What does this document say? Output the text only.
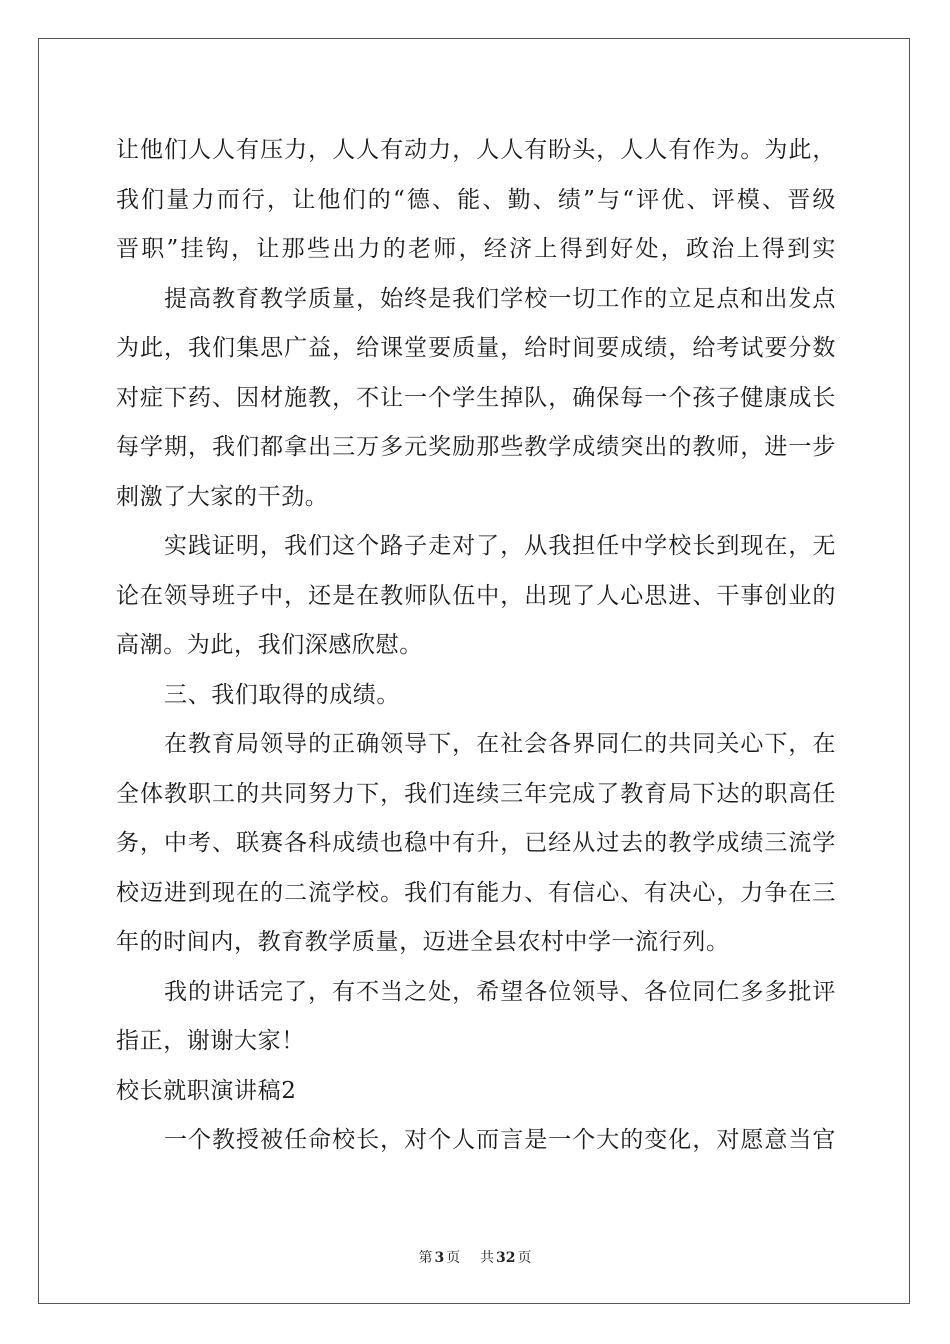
让他们人人有压力，人人有动力，人人有盼头，人人有作为。为此，
我们量力而行，让他们的“德、能、勤、绩”与“评优、评模、晋级
晋职”挂钩，让那些出力的老师，经济上得到好处，政治上得到实
提高教育教学质量，始终是我们学校一切工作的立足点和出发点
为此，我们集思广益，给课堂要质量，给时间要成绩，给考试要分数
对症下药、因材施教，不让一个学生掉队，确保每一个孩子健康成长
每学期，我们都拿出三万多元奖励那些教学成绩突出的教师，进一步
刺激了大家的干劲。
实践证明，我们这个路子走对了，从我担任中学校长到现在，无
论在领导班子中，还是在教师队伍中，出现了人心思进、干事创业的
高潮。为此，我们深感欣慰。
三、我们取得的成绩。
在教育局领导的正确领导下，在社会各界同仁的共同关心下，在
全体教职工的共同努力下，我们连续三年完成了教育局下达的职高任
务，中考、联赛各科成绩也稳中有升，已经从过去的教学成绩三流学
校迈进到现在的二流学校。我们有能力、有信心、有决心，力争在三
年的时间内，教育教学质量，迈进全县农村中学一流行列。
我的讲话完了，有不当之处，希望各位领导、各位同仁多多批评
指正，谢谢大家！
校长就职演讲稿2
一个教授被任命校长，对个人而言是一个大的变化，对愿意当官
第 3 页 共 32 页
